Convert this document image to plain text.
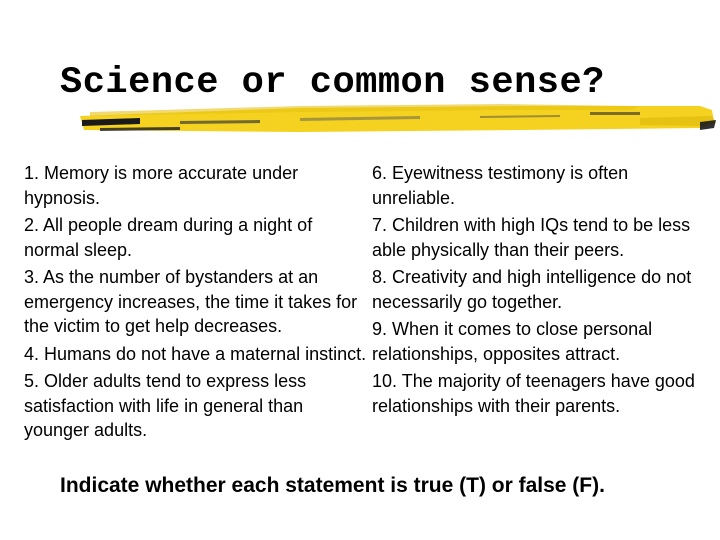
Science or common sense?
1. Memory is more accurate under hypnosis.
2. All people dream during a night of normal sleep.
3. As the number of bystanders at an emergency increases, the time it takes for the victim to get help decreases.
4. Humans do not have a maternal instinct.
5. Older adults tend to express less satisfaction with life in general than younger adults.
6. Eyewitness testimony is often unreliable.
7. Children with high IQs tend to be less able physically than their peers.
8. Creativity and high intelligence do not necessarily go together.
9. When it comes to close personal relationships, opposites attract.
10. The majority of teenagers have good relationships with their parents.
Indicate whether each statement is true (T) or false (F).
